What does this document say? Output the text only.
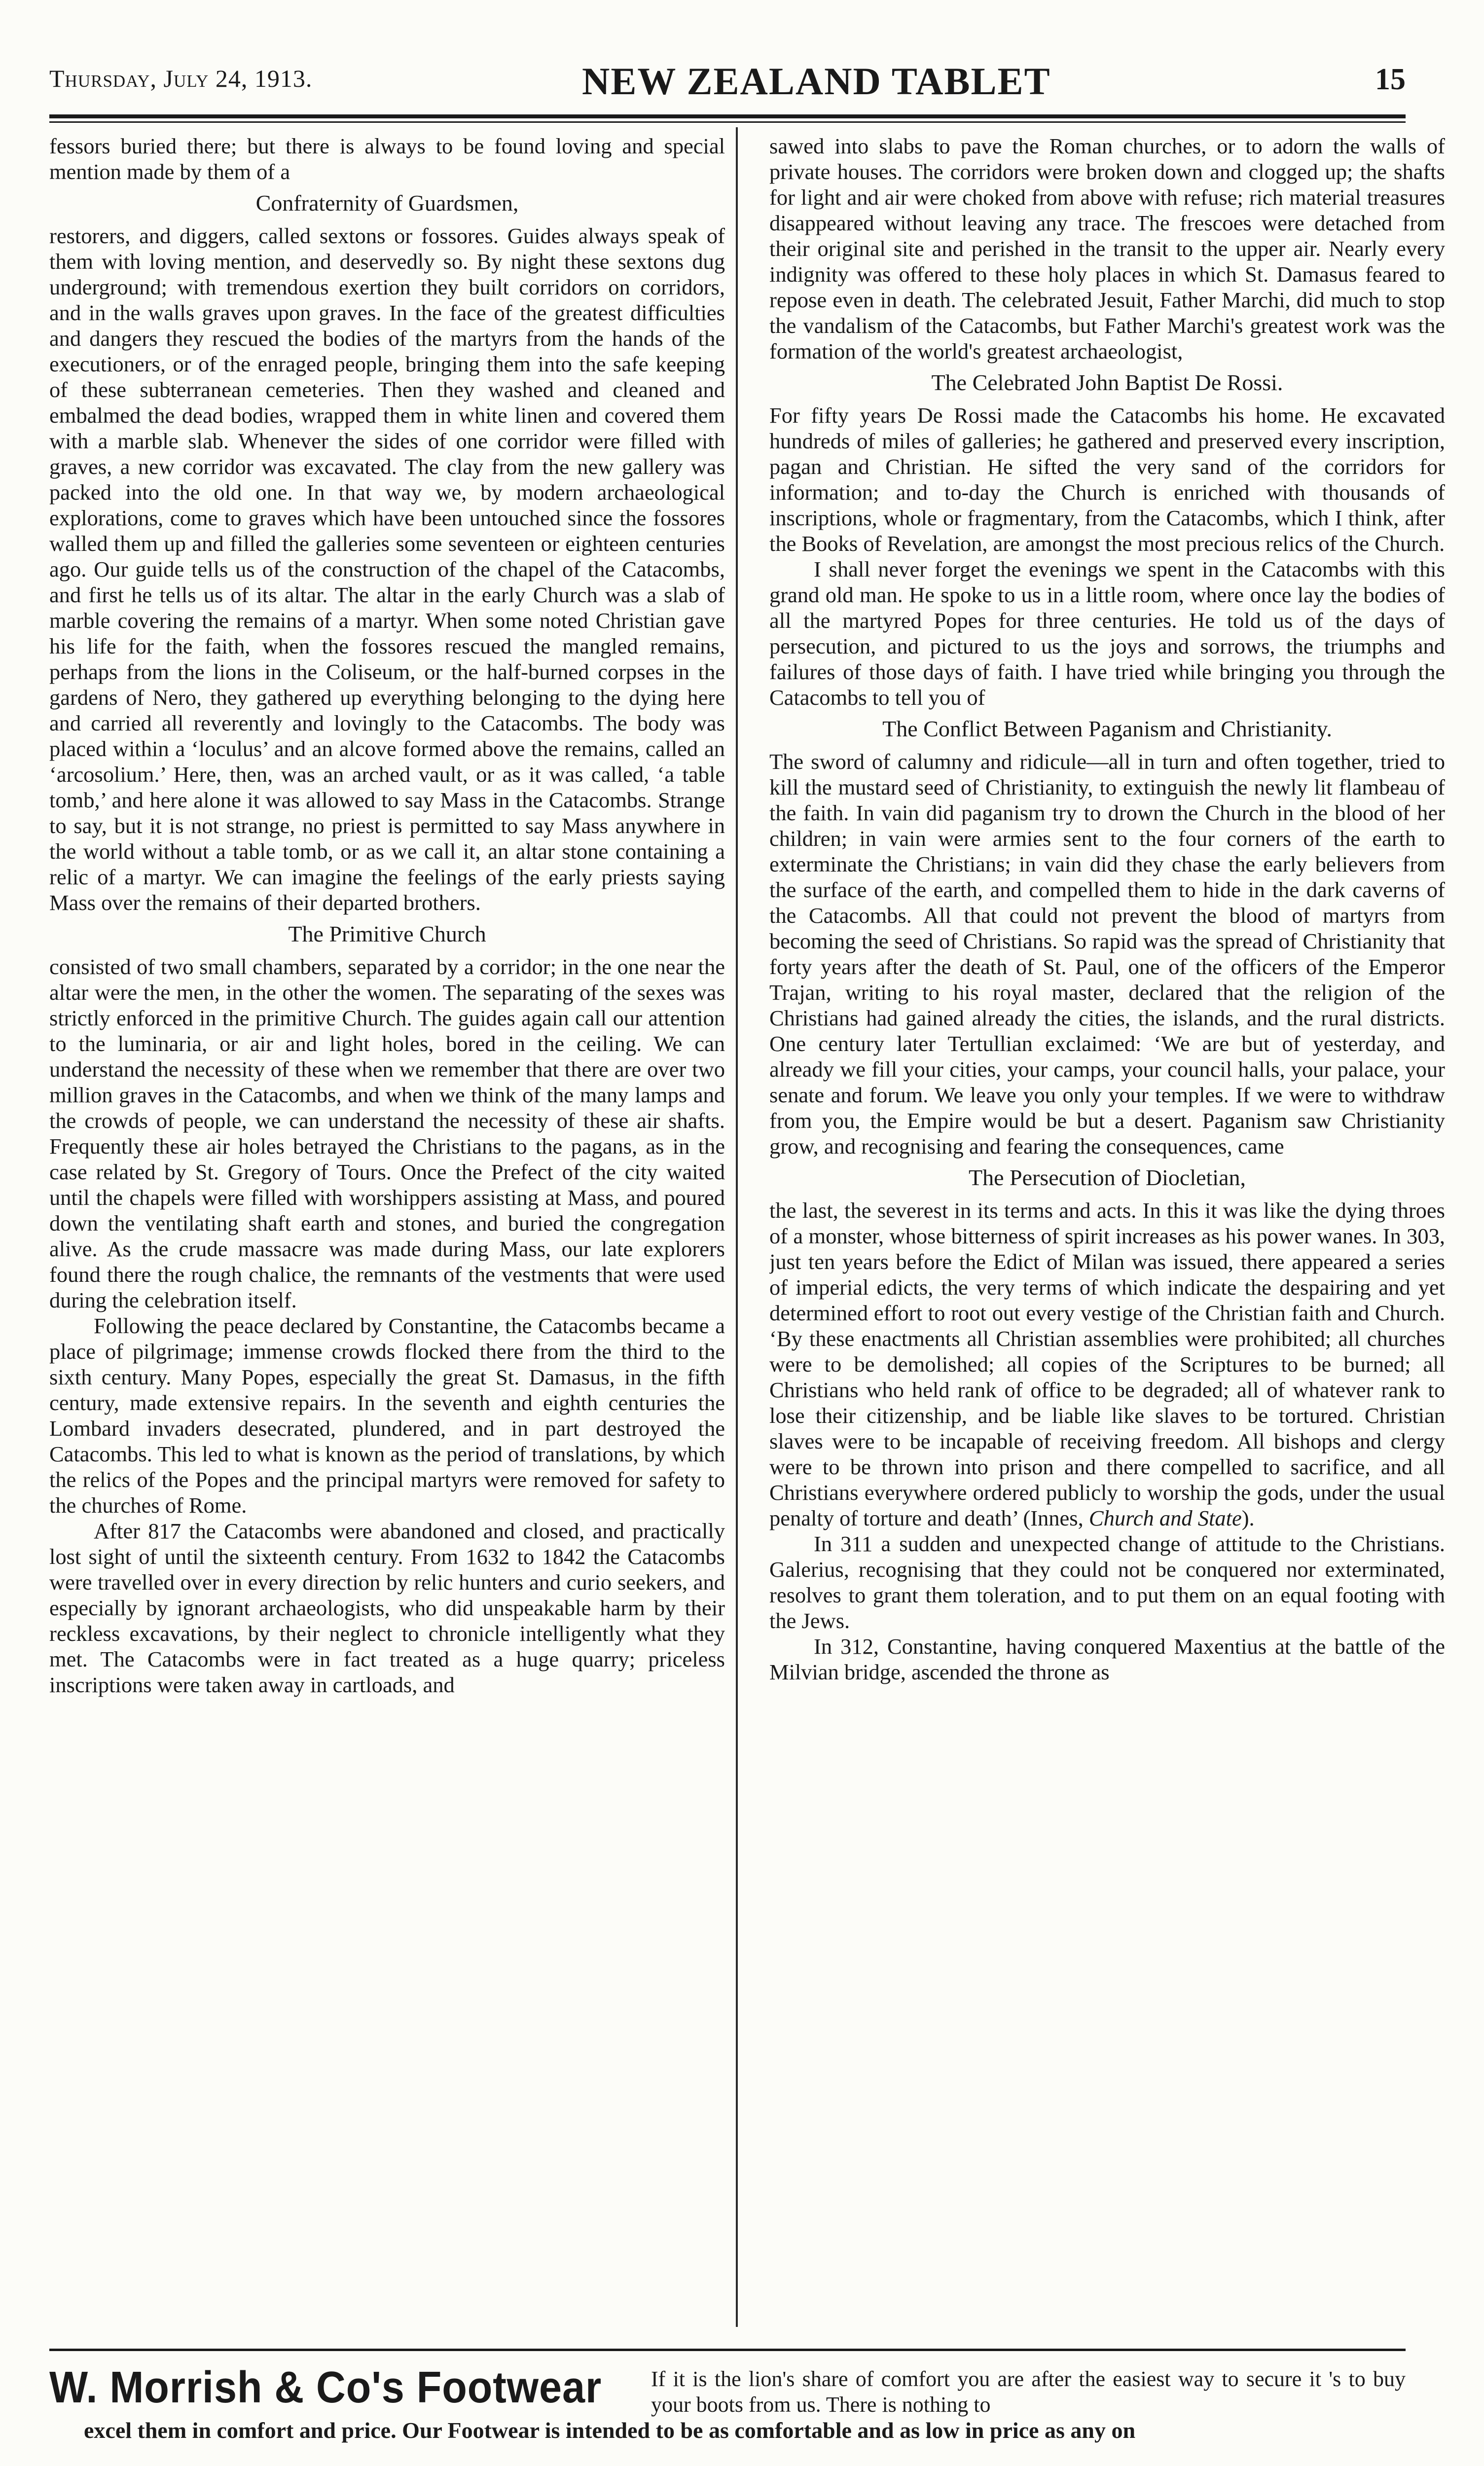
Thursday, July 24, 1913.	NEW ZEALAND TABLET	15

fessors buried there; but there is always to be found loving and special mention made by them of a

Confraternity of Guardsmen,

restorers, and diggers, called sextons or fossores. Guides always speak of them with loving mention, and deservedly so. By night these sextons dug underground; with tremendous exertion they built corridors on corridors, and in the walls graves upon graves. In the face of the greatest difficulties and dangers they rescued the bodies of the martyrs from the hands of the executioners, or of the enraged people, bringing them into the safe keeping of these subterranean cemeteries. Then they washed and cleaned and embalmed the dead bodies, wrapped them in white linen and covered them with a marble slab. Whenever the sides of one corridor were filled with graves, a new corridor was excavated. The clay from the new gallery was packed into the old one. In that way we, by modern archaeological explorations, come to graves which have been untouched since the fossores walled them up and filled the galleries some seventeen or eighteen centuries ago. Our guide tells us of the construction of the chapel of the Catacombs, and first he tells us of its altar. The altar in the early Church was a slab of marble covering the remains of a martyr. When some noted Christian gave his life for the faith, when the fossores rescued the mangled remains, perhaps from the lions in the Coliseum, or the half-burned corpses in the gardens of Nero, they gathered up everything belonging to the dying here and carried all reverently and lovingly to the Catacombs. The body was placed within a ‘loculus’ and an alcove formed above the remains, called an ‘arcosolium.’ Here, then, was an arched vault, or as it was called, ‘a table tomb,’ and here alone it was allowed to say Mass in the Catacombs. Strange to say, but it is not strange, no priest is permitted to say Mass anywhere in the world without a table tomb, or as we call it, an altar stone containing a relic of a martyr. We can imagine the feelings of the early priests saying Mass over the remains of their departed brothers.

The Primitive Church

consisted of two small chambers, separated by a corridor; in the one near the altar were the men, in the other the women. The separating of the sexes was strictly enforced in the primitive Church. The guides again call our attention to the luminaria, or air and light holes, bored in the ceiling. We can understand the necessity of these when we remember that there are over two million graves in the Catacombs, and when we think of the many lamps and the crowds of people, we can understand the necessity of these air shafts. Frequently these air holes betrayed the Christians to the pagans, as in the case related by St. Gregory of Tours. Once the Prefect of the city waited until the chapels were filled with worshippers assisting at Mass, and poured down the ventilating shaft earth and stones, and buried the congregation alive. As the crude massacre was made during Mass, our late explorers found there the rough chalice, the remnants of the vestments that were used during the celebration itself.

Following the peace declared by Constantine, the Catacombs became a place of pilgrimage; immense crowds flocked there from the third to the sixth century. Many Popes, especially the great St. Damasus, in the fifth century, made extensive repairs. In the seventh and eighth centuries the Lombard invaders desecrated, plundered, and in part destroyed the Catacombs. This led to what is known as the period of translations, by which the relics of the Popes and the principal martyrs were removed for safety to the churches of Rome.

After 817 the Catacombs were abandoned and closed, and practically lost sight of until the sixteenth century. From 1632 to 1842 the Catacombs were travelled over in every direction by relic hunters and curio seekers, and especially by ignorant archaeologists, who did unspeakable harm by their reckless excavations, by their neglect to chronicle intelligently what they met. The Catacombs were in fact treated as a huge quarry; priceless inscriptions were taken away in cartloads, and

sawed into slabs to pave the Roman churches, or to adorn the walls of private houses. The corridors were broken down and clogged up; the shafts for light and air were choked from above with refuse; rich material treasures disappeared without leaving any trace. The frescoes were detached from their original site and perished in the transit to the upper air. Nearly every indignity was offered to these holy places in which St. Damasus feared to repose even in death. The celebrated Jesuit, Father Marchi, did much to stop the vandalism of the Catacombs, but Father Marchi's greatest work was the formation of the world's greatest archaeologist,

The Celebrated John Baptist De Rossi.

For fifty years De Rossi made the Catacombs his home. He excavated hundreds of miles of galleries; he gathered and preserved every inscription, pagan and Christian. He sifted the very sand of the corridors for information; and to-day the Church is enriched with thousands of inscriptions, whole or fragmentary, from the Catacombs, which I think, after the Books of Revelation, are amongst the most precious relics of the Church.

I shall never forget the evenings we spent in the Catacombs with this grand old man. He spoke to us in a little room, where once lay the bodies of all the martyred Popes for three centuries. He told us of the days of persecution, and pictured to us the joys and sorrows, the triumphs and failures of those days of faith. I have tried while bringing you through the Catacombs to tell you of

The Conflict Between Paganism and Christianity.

The sword of calumny and ridicule—all in turn and often together, tried to kill the mustard seed of Christianity, to extinguish the newly lit flambeau of the faith. In vain did paganism try to drown the Church in the blood of her children; in vain were armies sent to the four corners of the earth to exterminate the Christians; in vain did they chase the early believers from the surface of the earth, and compelled them to hide in the dark caverns of the Catacombs. All that could not prevent the blood of martyrs from becoming the seed of Christians. So rapid was the spread of Christianity that forty years after the death of St. Paul, one of the officers of the Emperor Trajan, writing to his royal master, declared that the religion of the Christians had gained already the cities, the islands, and the rural districts. One century later Tertullian exclaimed: ‘We are but of yesterday, and already we fill your cities, your camps, your council halls, your palace, your senate and forum. We leave you only your temples. If we were to withdraw from you, the Empire would be but a desert. Paganism saw Christianity grow, and recognising and fearing the consequences, came

The Persecution of Diocletian,

the last, the severest in its terms and acts. In this it was like the dying throes of a monster, whose bitterness of spirit increases as his power wanes. In 303, just ten years before the Edict of Milan was issued, there appeared a series of imperial edicts, the very terms of which indicate the despairing and yet determined effort to root out every vestige of the Christian faith and Church. ‘By these enactments all Christian assemblies were prohibited; all churches were to be demolished; all copies of the Scriptures to be burned; all Christians who held rank of office to be degraded; all of whatever rank to lose their citizenship, and be liable like slaves to be tortured. Christian slaves were to be incapable of receiving freedom. All bishops and clergy were to be thrown into prison and there compelled to sacrifice, and all Christians everywhere ordered publicly to worship the gods, under the usual penalty of torture and death’ (Innes, Church and State).

In 311 a sudden and unexpected change of attitude to the Christians. Galerius, recognising that they could not be conquered nor exterminated, resolves to grant them toleration, and to put them on an equal footing with the Jews.

In 312, Constantine, having conquered Maxentius at the battle of the Milvian bridge, ascended the throne as

W. Morrish & Co's Footwear If it is the lion's share of comfort you are after the easiest way to secure it 's to buy your boots from us. There is nothing to
excel them in comfort and price. Our Footwear is intended to be as comfortable and as low in price as any on
